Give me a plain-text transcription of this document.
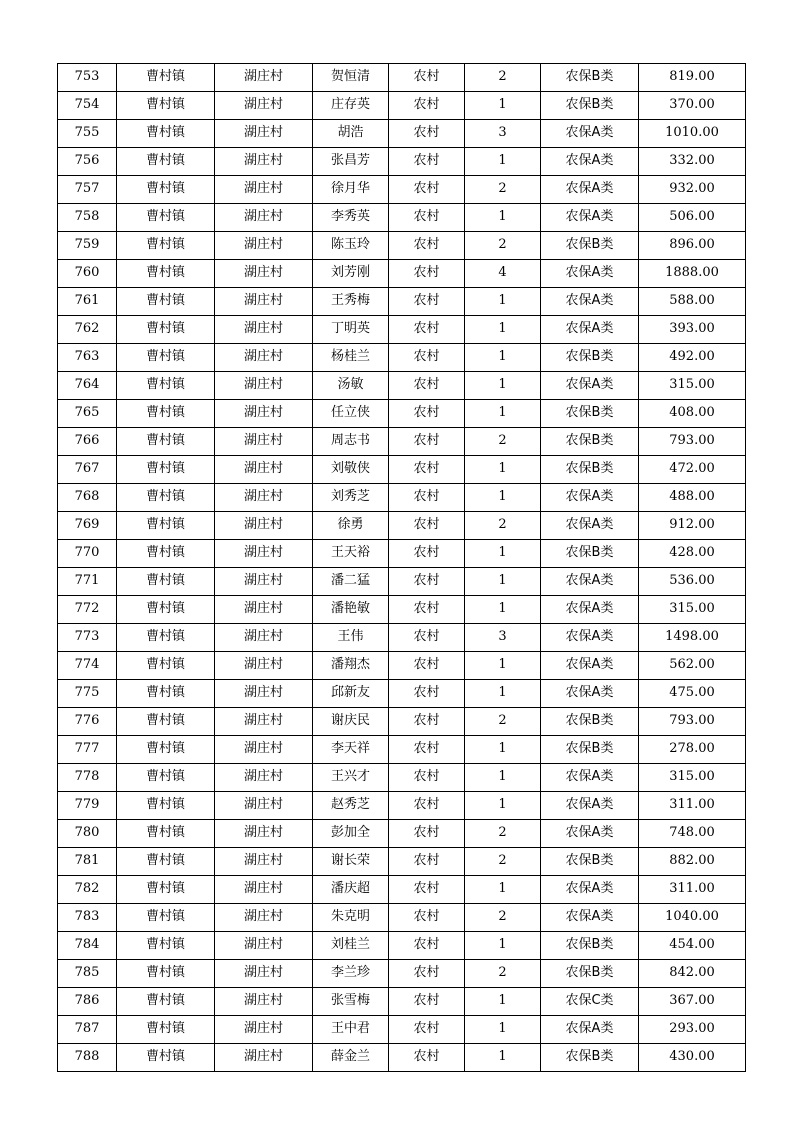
753	曹村镇	湖庄村	贺恒清	农村	2	农保B类	819.00
754	曹村镇	湖庄村	庄存英	农村	1	农保B类	370.00
755	曹村镇	湖庄村	胡浩	农村	3	农保A类	1010.00
756	曹村镇	湖庄村	张昌芳	农村	1	农保A类	332.00
757	曹村镇	湖庄村	徐月华	农村	2	农保A类	932.00
758	曹村镇	湖庄村	李秀英	农村	1	农保A类	506.00
759	曹村镇	湖庄村	陈玉玲	农村	2	农保B类	896.00
760	曹村镇	湖庄村	刘芳刚	农村	4	农保A类	1888.00
761	曹村镇	湖庄村	王秀梅	农村	1	农保A类	588.00
762	曹村镇	湖庄村	丁明英	农村	1	农保A类	393.00
763	曹村镇	湖庄村	杨桂兰	农村	1	农保B类	492.00
764	曹村镇	湖庄村	汤敏	农村	1	农保A类	315.00
765	曹村镇	湖庄村	任立侠	农村	1	农保B类	408.00
766	曹村镇	湖庄村	周志书	农村	2	农保B类	793.00
767	曹村镇	湖庄村	刘敬侠	农村	1	农保B类	472.00
768	曹村镇	湖庄村	刘秀芝	农村	1	农保A类	488.00
769	曹村镇	湖庄村	徐勇	农村	2	农保A类	912.00
770	曹村镇	湖庄村	王天裕	农村	1	农保B类	428.00
771	曹村镇	湖庄村	潘二猛	农村	1	农保A类	536.00
772	曹村镇	湖庄村	潘艳敏	农村	1	农保A类	315.00
773	曹村镇	湖庄村	王伟	农村	3	农保A类	1498.00
774	曹村镇	湖庄村	潘翔杰	农村	1	农保A类	562.00
775	曹村镇	湖庄村	邱新友	农村	1	农保A类	475.00
776	曹村镇	湖庄村	谢庆民	农村	2	农保B类	793.00
777	曹村镇	湖庄村	李天祥	农村	1	农保B类	278.00
778	曹村镇	湖庄村	王兴才	农村	1	农保A类	315.00
779	曹村镇	湖庄村	赵秀芝	农村	1	农保A类	311.00
780	曹村镇	湖庄村	彭加全	农村	2	农保A类	748.00
781	曹村镇	湖庄村	谢长荣	农村	2	农保B类	882.00
782	曹村镇	湖庄村	潘庆超	农村	1	农保A类	311.00
783	曹村镇	湖庄村	朱克明	农村	2	农保A类	1040.00
784	曹村镇	湖庄村	刘桂兰	农村	1	农保B类	454.00
785	曹村镇	湖庄村	李兰珍	农村	2	农保B类	842.00
786	曹村镇	湖庄村	张雪梅	农村	1	农保C类	367.00
787	曹村镇	湖庄村	王中君	农村	1	农保A类	293.00
788	曹村镇	湖庄村	薛金兰	农村	1	农保B类	430.00
